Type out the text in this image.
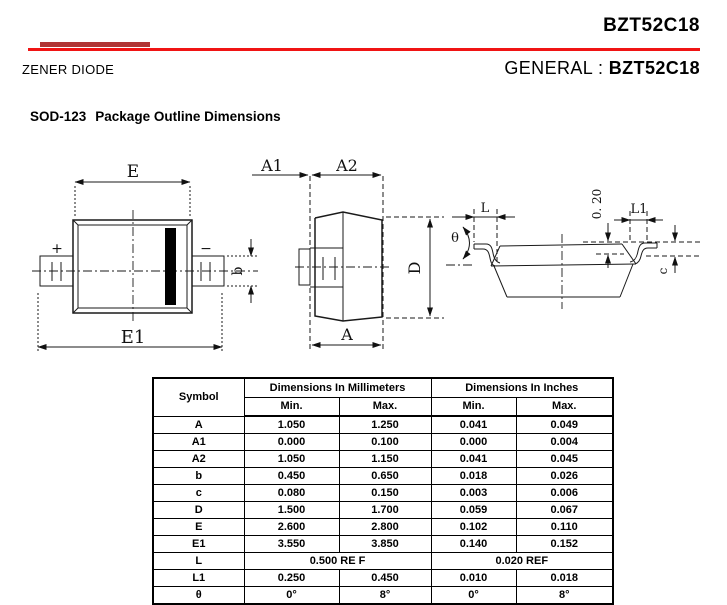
BZT52C18
ZENER DIODE	GENERAL : BZT52C18
SOD-123 Package Outline Dimensions
+	−
E
E1
b
A1	A2
A
D
θ
L	0. 20 L1
c
Symbol	Dimensions In Millimeters		Dimensions In Inches	
	Min.	Max.	Min.	Max.
A	1.050	1.250	0.041	0.049
A1	0.000	0.100	0.000	0.004
A2	1.050	1.150	0.041	0.045
b	0.450	0.650	0.018	0.026
c	0.080	0.150	0.003	0.006
D	1.500	1.700	0.059	0.067
E	2.600	2.800	0.102	0.110
E1	3.550	3.850	0.140	0.152
L	0.500 RE F		0.020 REF	
L1	0.250	0.450	0.010	0.018
θ	0°	8°	0°	8°
